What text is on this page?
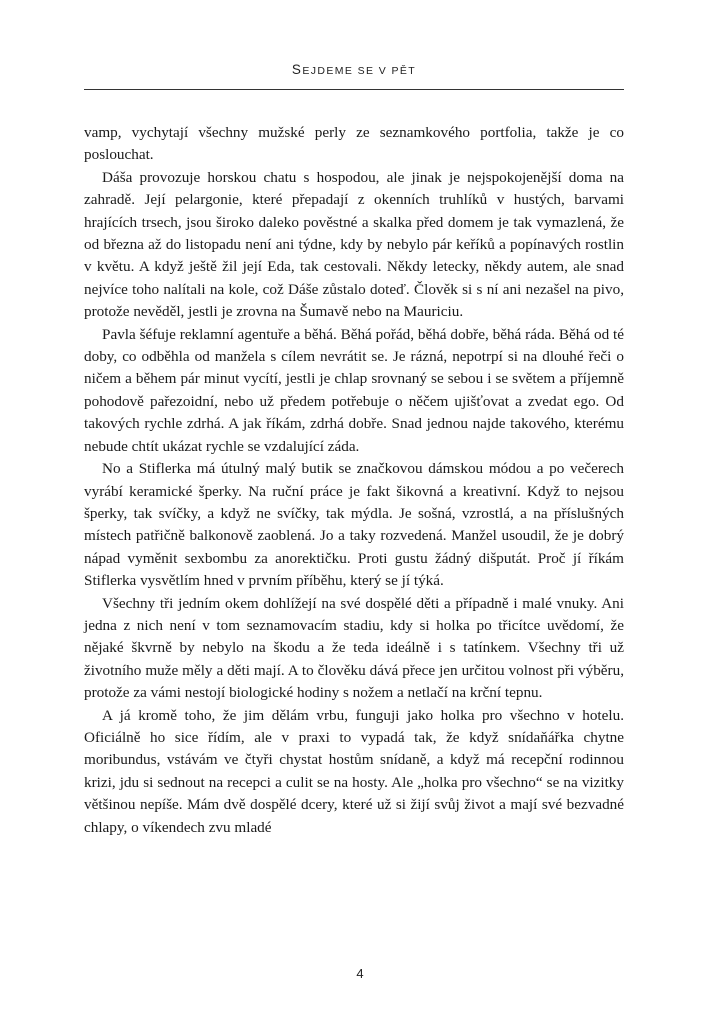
SEJDEME SE V PĚT

vamp, vychytají všechny mužské perly ze seznamkového portfolia, takže je co poslouchat.

Dáša provozuje horskou chatu s hospodou, ale jinak je nejspokojenější doma na zahradě. Její pelargonie, které přepadají z okenních truhlíků v hustých, barvami hrajících trsech, jsou široko daleko pověstné a skalka před domem je tak vymazlená, že od března až do listopadu není ani týdne, kdy by nebylo pár keříků a popínavých rostlin v květu. A když ještě žil její Eda, tak cestovali. Někdy letecky, někdy autem, ale snad nejvíce toho nalítali na kole, což Dáše zůstalo doteď. Člověk si s ní ani nezašel na pivo, protože nevěděl, jestli je zrovna na Šumavě nebo na Mauriciu.

Pavla šéfuje reklamní agentuře a běhá. Běhá pořád, běhá dobře, běhá ráda. Běhá od té doby, co odběhla od manžela s cílem nevrátit se. Je rázná, nepotrpí si na dlouhé řeči o ničem a během pár minut vycítí, jestli je chlap srovnaný se sebou i se světem a příjemně pohodově pařezoidní, nebo už předem potřebuje o něčem ujišťovat a zvedat ego. Od takových rychle zdrhá. A jak říkám, zdrhá dobře. Snad jednou najde takového, kterému nebude chtít ukázat rychle se vzdalující záda.

No a Stiflerka má útulný malý butik se značkovou dámskou módou a po večerech vyrábí keramické šperky. Na ruční práce je fakt šikovná a kreativní. Když to nejsou šperky, tak svíčky, a když ne svíčky, tak mýdla. Je sošná, vzrostlá, a na příslušných místech patřičně balkonově zaoblená. Jo a taky rozvedená. Manžel usoudil, že je dobrý nápad vyměnit sexbombu za anorektičku. Proti gustu žádný dišputát. Proč jí říkám Stiflerka vysvětlím hned v prvním příběhu, který se jí týká.

Všechny tři jedním okem dohlížejí na své dospělé děti a případně i malé vnuky. Ani jedna z nich není v tom seznamovacím stadiu, kdy si holka po třicítce uvědomí, že nějaké škvrně by nebylo na škodu a že teda ideálně i s tatínkem. Všechny tři už životního muže měly a děti mají. A to člověku dává přece jen určitou volnost při výběru, protože za vámi nestojí biologické hodiny s nožem a netlačí na krční tepnu.

A já kromě toho, že jim dělám vrbu, funguji jako holka pro všechno v hotelu. Oficiálně ho sice řídím, ale v praxi to vypadá tak, že když snídaňářka chytne moribundus, vstávám ve čtyři chystat hostům snídaně, a když má recepční rodinnou krizi, jdu si sednout na recepci a culit se na hosty. Ale „holka pro všechno“ se na vizitky většinou nepíše. Mám dvě dospělé dcery, které už si žijí svůj život a mají své bezvadné chlapy, o víkendech zvu mladé

4
